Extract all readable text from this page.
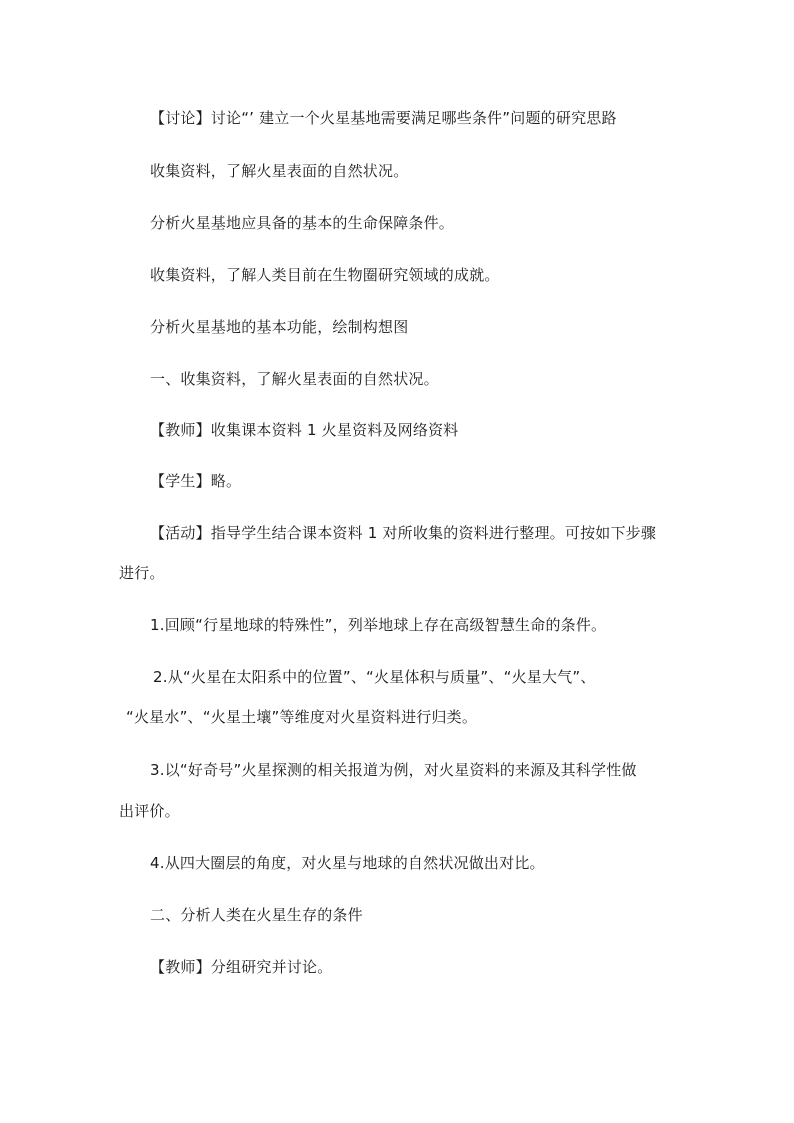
【讨论】讨论“’ 建立一个火星基地需要满足哪些条件”问题的研究思路
收集资料，了解火星表面的自然状况。
分析火星基地应具备的基本的生命保障条件。
收集资料，了解人类目前在生物圈研究领域的成就。
分析火星基地的基本功能，绘制构想图
一、收集资料，了解火星表面的自然状况。
【教师】收集课本资料 1 火星资料及网络资料
【学生】略。
【活动】指导学生结合课本资料 1 对所收集的资料进行整理。可按如下步骤
进行。
1.回顾“行星地球的特殊性”，列举地球上存在高级智慧生命的条件。
2.从“火星在太阳系中的位置”、“火星体积与质量”、“火星大气”、
“火星水”、“火星土壤”等维度对火星资料进行归类。
3.以“好奇号”火星探测的相关报道为例，对火星资料的来源及其科学性做
出评价。
4.从四大圈层的角度，对火星与地球的自然状况做出对比。
二、分析人类在火星生存的条件
【教师】分组研究并讨论。
